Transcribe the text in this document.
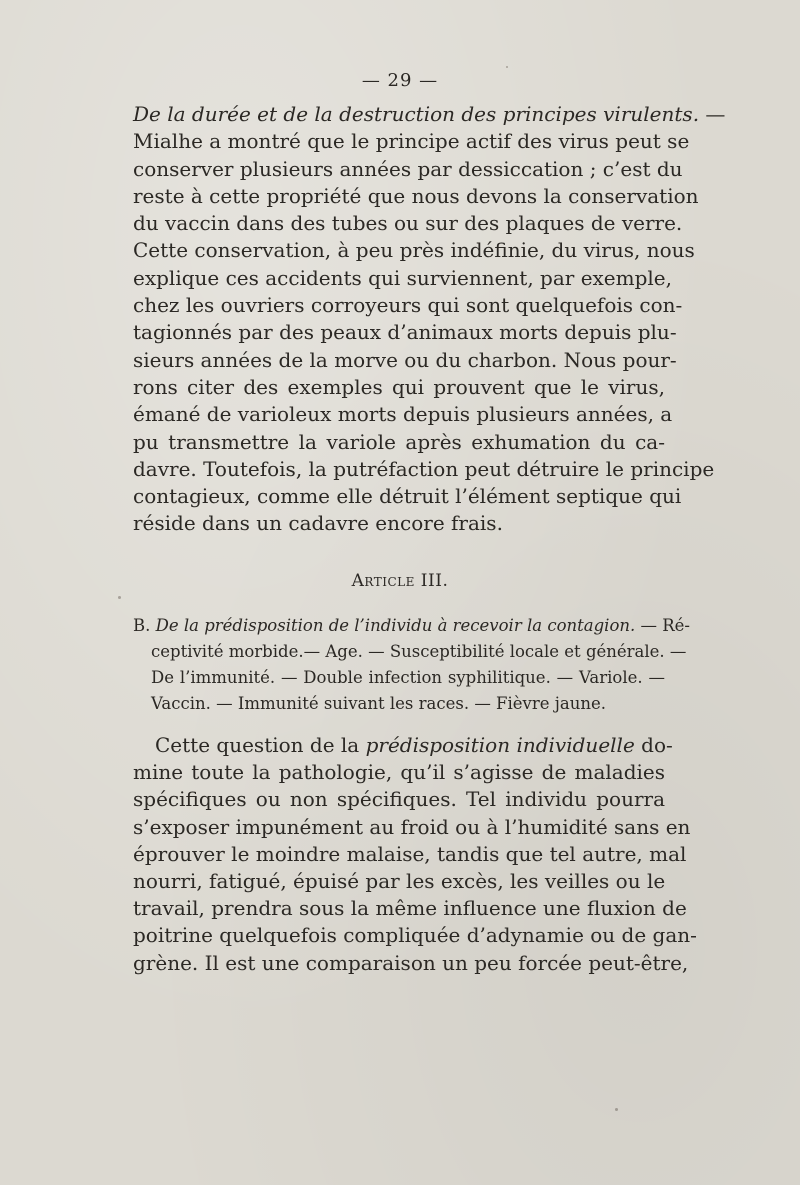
— 29 —
De la durée et de la destruction des principes virulents. —
Mialhe a montré que le principe actif des virus peut se
conserver plusieurs années par dessiccation ; c’est du
reste à cette propriété que nous devons la conservation
du vaccin dans des tubes ou sur des plaques de verre.
Cette conservation, à peu près indéfinie, du virus, nous
explique ces accidents qui surviennent, par exemple,
chez les ouvriers corroyeurs qui sont quelquefois con-
tagionnés par des peaux d’animaux morts depuis plu-
sieurs années de la morve ou du charbon. Nous pour-
rons citer des exemples qui prouvent que le virus,
émané de varioleux morts depuis plusieurs années, a
pu transmettre la variole après exhumation du ca-
davre. Toutefois, la putréfaction peut détruire le principe
contagieux, comme elle détruit l’élément septique qui
réside dans un cadavre encore frais.
Article III.
B. De la prédisposition de l’individu à recevoir la contagion. — Ré-
ceptivité morbide.— Age. — Susceptibilité locale et générale. —
De l’immunité. — Double infection syphilitique. — Variole. —
Vaccin. — Immunité suivant les races. — Fièvre jaune.
Cette question de la prédisposition individuelle do-
mine toute la pathologie, qu’il s’agisse de maladies
spécifiques ou non spécifiques. Tel individu pourra
s’exposer impunément au froid ou à l’humidité sans en
éprouver le moindre malaise, tandis que tel autre, mal
nourri, fatigué, épuisé par les excès, les veilles ou le
travail, prendra sous la même influence une fluxion de
poitrine quelquefois compliquée d’adynamie ou de gan-
grène. Il est une comparaison un peu forcée peut-être,
